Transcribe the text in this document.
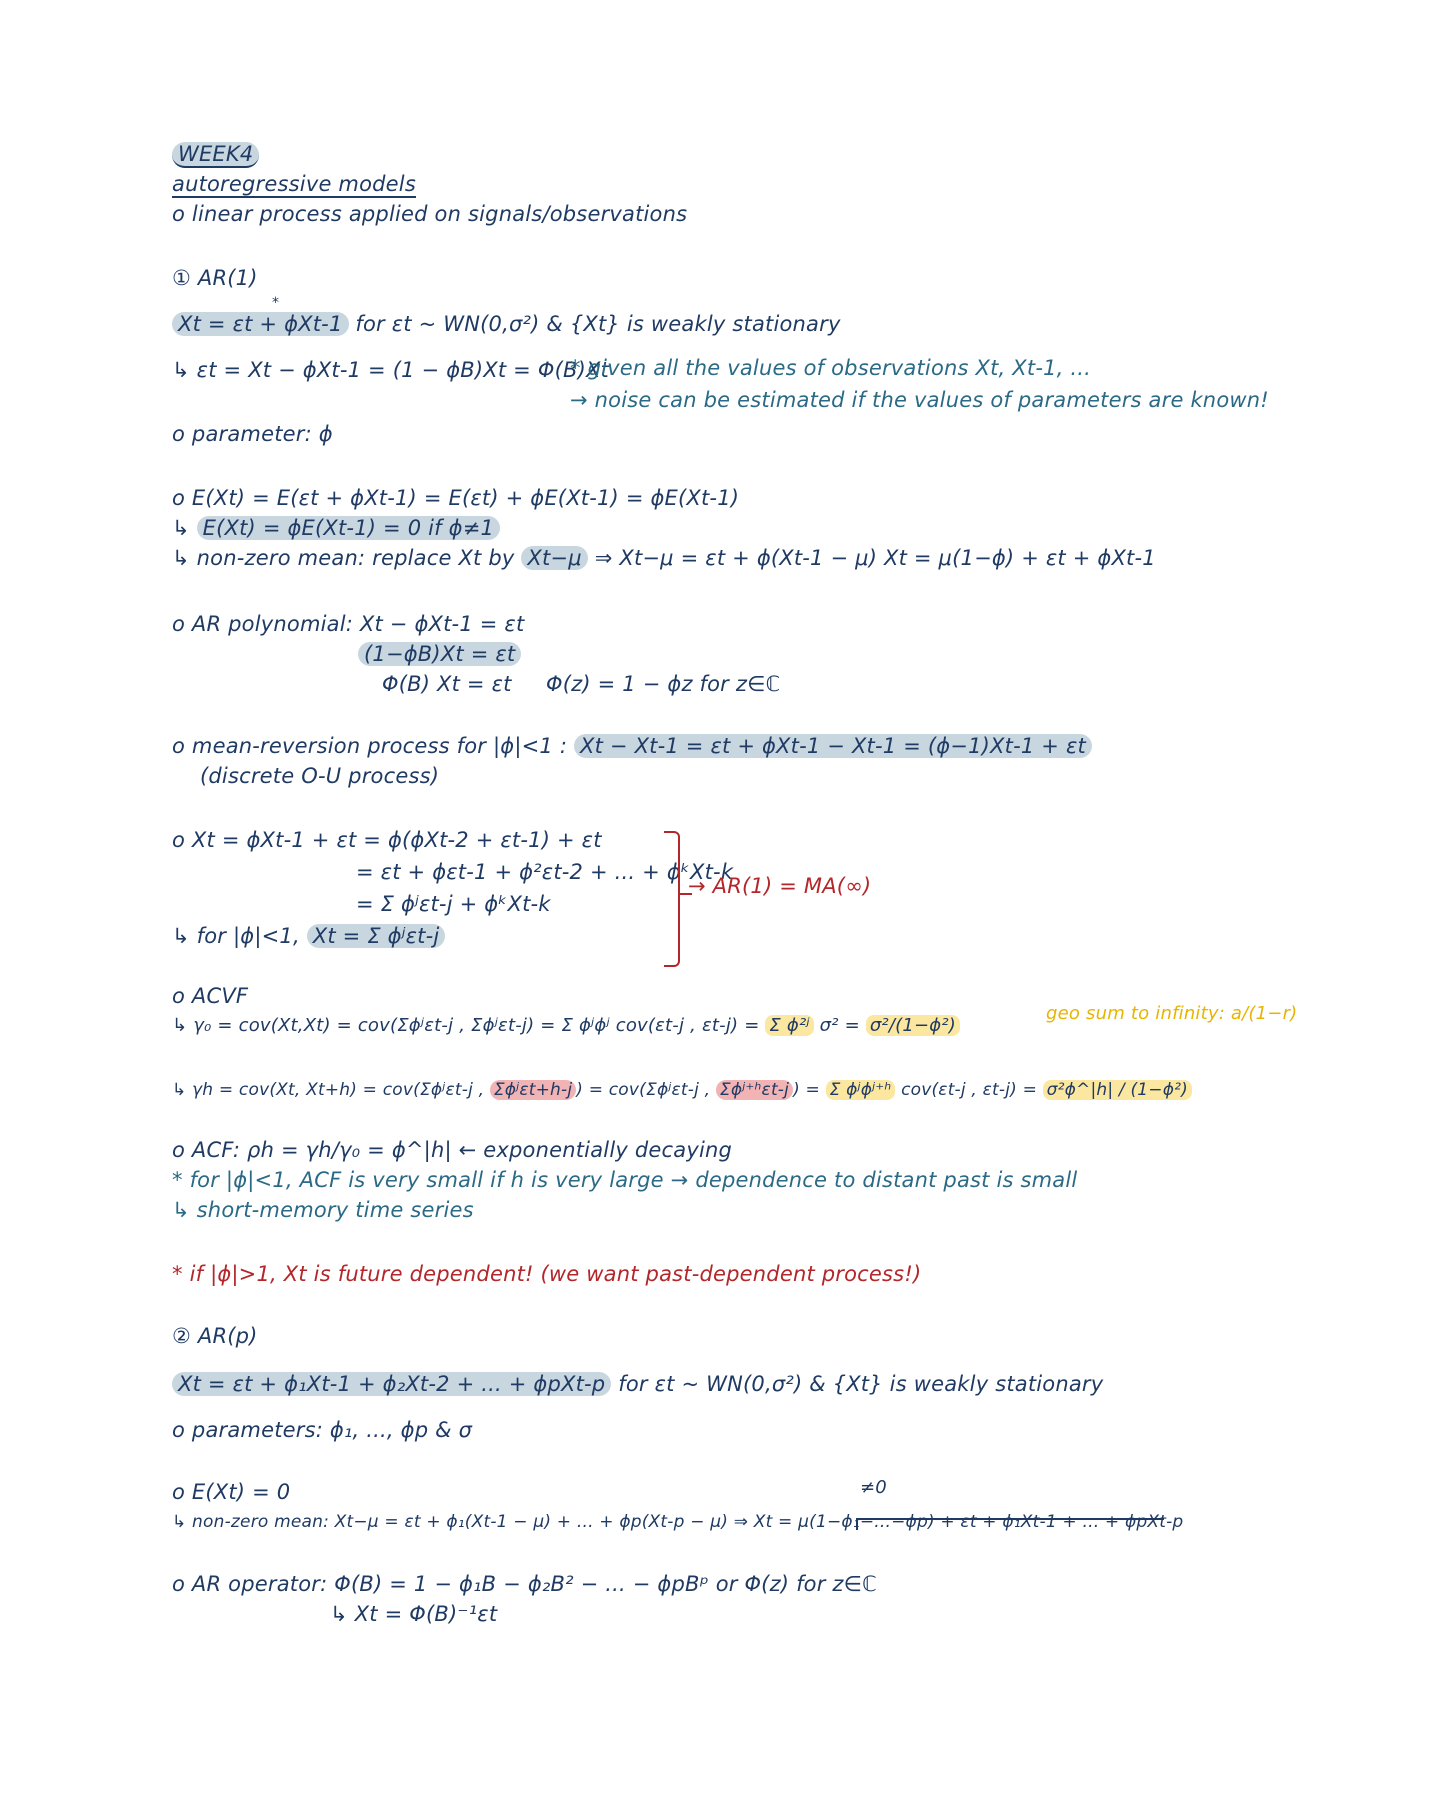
WEEK4
autoregressive models
o linear process applied on signals/observations
① AR(1)
*
Xt = εt + ϕXt-1 for εt ~ WN(0,σ²) & {Xt} is weakly stationary
↳ εt = Xt − ϕXt-1 = (1 − ϕB)Xt = Φ(B)Xt
* given all the values of observations Xt, Xt-1, ...
→ noise can be estimated if the values of parameters are known!
o parameter: ϕ
o E(Xt) = E(εt + ϕXt-1) = E(εt) + ϕE(Xt-1) = ϕE(Xt-1)
↳ E(Xt) = ϕE(Xt-1) = 0 if ϕ≠1
↳ non-zero mean: replace Xt by Xt−μ ⇒ Xt−μ = εt + ϕ(Xt-1 − μ) Xt = μ(1−ϕ) + εt + ϕXt-1
o AR polynomial: Xt − ϕXt-1 = εt
(1−ϕB)Xt = εt
Φ(B) Xt = εt Φ(z) = 1 − ϕz for z∈ℂ
o mean-reversion process for |ϕ|<1 : Xt − Xt-1 = εt + ϕXt-1 − Xt-1 = (ϕ−1)Xt-1 + εt
(discrete O-U process)
o Xt = ϕXt-1 + εt = ϕ(ϕXt-2 + εt-1) + εt
= εt + ϕεt-1 + ϕ²εt-2 + ... + ϕᵏXt-k
= Σ ϕʲεt-j + ϕᵏXt-k
↳ for |ϕ|<1, Xt = Σ ϕʲεt-j
→ AR(1) = MA(∞)
o ACVF
↳ γ₀ = cov(Xt,Xt) = cov(Σϕʲεt-j , Σϕʲεt-j) = Σ ϕʲϕʲ cov(εt-j , εt-j) = Σ ϕ²ʲ σ² = σ²/(1−ϕ²)
geo sum to infinity: a/(1−r)
↳ γh = cov(Xt, Xt+h) = cov(Σϕʲεt-j , Σϕʲεt+h-j ) = cov(Σϕʲεt-j , Σϕʲ⁺ʰεt-j ) = Σ ϕʲϕʲ⁺ʰ cov(εt-j , εt-j) = σ²ϕ^|h| / (1−ϕ²)
o ACF: ρh = γh/γ₀ = ϕ^|h| ← exponentially decaying
* for |ϕ|<1, ACF is very small if h is very large → dependence to distant past is small
↳ short-memory time series
* if |ϕ|>1, Xt is future dependent! (we want past-dependent process!)
② AR(p)
Xt = εt + ϕ₁Xt-1 + ϕ₂Xt-2 + ... + ϕpXt-p for εt ~ WN(0,σ²) & {Xt} is weakly stationary
o parameters: ϕ₁, ..., ϕp & σ
o E(Xt) = 0	≠0
↳ non-zero mean: Xt−μ = εt + ϕ₁(Xt-1 − μ) + ... + ϕp(Xt-p − μ) ⇒ Xt = μ(1−ϕ₁−...−ϕp) + εt + ϕ₁Xt-1 + ... + ϕpXt-p
o AR operator: Φ(B) = 1 − ϕ₁B − ϕ₂B² − ... − ϕpBᵖ or Φ(z) for z∈ℂ
↳ Xt = Φ(B)⁻¹εt
